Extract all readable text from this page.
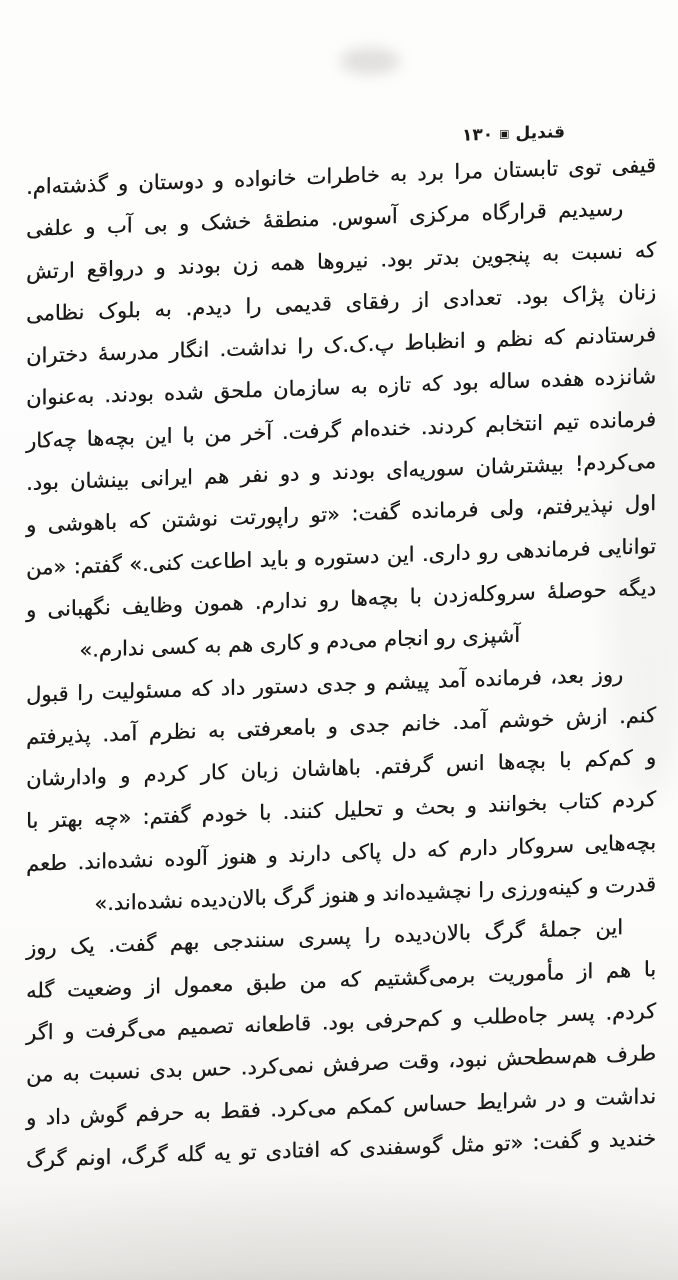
قندیل▣۱۳۰
قیفی توی تابستان مرا برد به خاطرات خانواده و دوستان و گذشته‌ام.
رسیدیم قرارگاه مرکزی آسوس. منطقهٔ خشک و بی آب و علفی
که نسبت به پنجوین بدتر بود. نیروها همه زن بودند و درواقع ارتش
زنان پژاک بود. تعدادی از رفقای قدیمی را دیدم. به بلوک نظامی
فرستادنم که نظم و انظباط پ.ک.ک را نداشت. انگار مدرسهٔ دختران
شانزده هفده ساله بود که تازه به سازمان ملحق شده بودند. به‌عنوان
فرمانده تیم انتخابم کردند. خنده‌ام گرفت. آخر من با این بچه‌ها چه‌کار
می‌کردم! بیشترشان سوریه‌ای بودند و دو نفر هم ایرانی بینشان بود.
اول نپذیرفتم، ولی فرمانده گفت: «تو راپورتت نوشتن که باهوشی و
توانایی فرماندهی رو داری. این دستوره و باید اطاعت کنی.» گفتم: «من
دیگه حوصلهٔ سروکله‌زدن با بچه‌ها رو ندارم. همون وظایف نگهبانی و
آشپزی رو انجام می‌دم و کاری هم به کسی ندارم.»
روز بعد، فرمانده آمد پیشم و جدی دستور داد که مسئولیت را قبول
کنم. ازش خوشم آمد. خانم جدی و بامعرفتی به نظرم آمد. پذیرفتم
و کم‌کم با بچه‌ها انس گرفتم. باهاشان زبان کار کردم و وادارشان
کردم کتاب بخوانند و بحث و تحلیل کنند. با خودم گفتم: «چه بهتر با
بچه‌هایی سروکار دارم که دل پاکی دارند و هنوز آلوده نشده‌اند. طعم
قدرت و کینه‌ورزی را نچشیده‌اند و هنوز گرگ بالان‌دیده نشده‌اند.»
این جملهٔ گرگ بالان‌دیده را پسری سنندجی بهم گفت. یک روز
با هم از مأموریت برمی‌گشتیم که من طبق معمول از وضعیت گله
کردم. پسر جاه‌طلب و کم‌حرفی بود. قاطعانه تصمیم می‌گرفت و اگر
طرف هم‌سطحش نبود، وقت صرفش نمی‌کرد. حس بدی نسبت به من
نداشت و در شرایط حساس کمکم می‌کرد. فقط به حرفم گوش داد و
خندید و گفت: «تو مثل گوسفندی که افتادی تو یه گله گرگ، اونم گرگ
